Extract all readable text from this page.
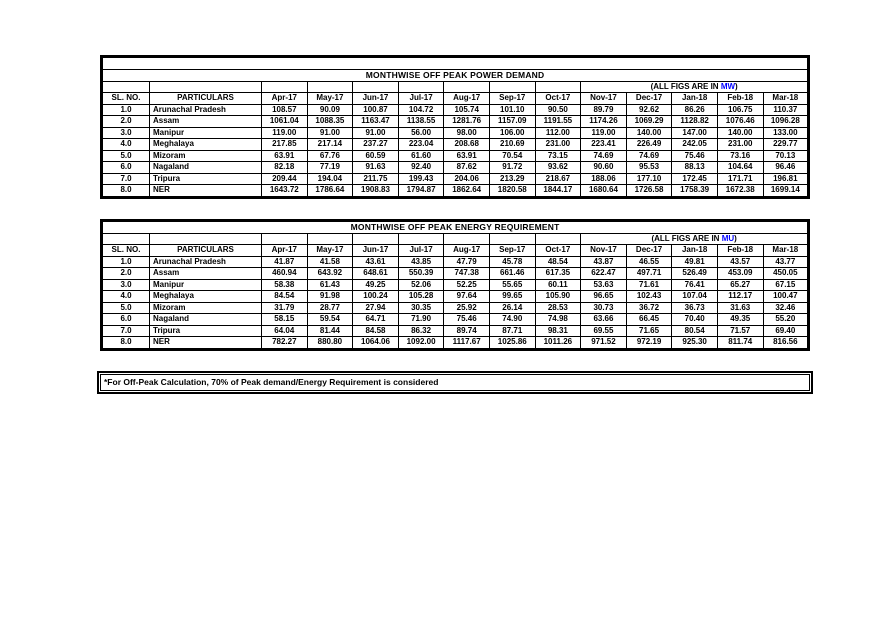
MONTHWISE OFF PEAK POWER DEMAND													
									(ALL FIGS ARE IN MW)				
SL. NO.	PARTICULARS	Apr-17	May-17	Jun-17	Jul-17	Aug-17	Sep-17	Oct-17	Nov-17	Dec-17	Jan-18	Feb-18	Mar-18
1.0	Arunachal Pradesh	108.57	90.09	100.87	104.72	105.74	101.10	90.50	89.79	92.62	86.26	106.75	110.37
2.0	Assam	1061.04	1088.35	1163.47	1138.55	1281.76	1157.09	1191.55	1174.26	1069.29	1128.82	1076.46	1096.28
3.0	Manipur	119.00	91.00	91.00	56.00	98.00	106.00	112.00	119.00	140.00	147.00	140.00	133.00
4.0	Meghalaya	217.85	217.14	237.27	223.04	208.68	210.69	231.00	223.41	226.49	242.05	231.00	229.77
5.0	Mizoram	63.91	67.76	60.59	61.60	63.91	70.54	73.15	74.69	74.69	75.46	73.16	70.13
6.0	Nagaland	82.18	77.19	91.63	92.40	87.62	91.72	93.62	90.60	95.53	88.13	104.64	96.46
7.0	Tripura	209.44	194.04	211.75	199.43	204.06	213.29	218.67	188.06	177.10	172.45	171.71	196.81
8.0	NER	1643.72	1786.64	1908.83	1794.87	1862.64	1820.58	1844.17	1680.64	1726.58	1758.39	1672.38	1699.14
MONTHWISE OFF PEAK ENERGY REQUIREMENT													
									(ALL FIGS ARE IN MU)				
SL. NO.	PARTICULARS	Apr-17	May-17	Jun-17	Jul-17	Aug-17	Sep-17	Oct-17	Nov-17	Dec-17	Jan-18	Feb-18	Mar-18
1.0	Arunachal Pradesh	41.87	41.58	43.61	43.85	47.79	45.78	48.54	43.87	46.55	49.81	43.57	43.77
2.0	Assam	460.94	643.92	648.61	550.39	747.38	661.46	617.35	622.47	497.71	526.49	453.09	450.05
3.0	Manipur	58.38	61.43	49.25	52.06	52.25	55.65	60.11	53.63	71.61	76.41	65.27	67.15
4.0	Meghalaya	84.54	91.98	100.24	105.28	97.64	99.65	105.90	96.65	102.43	107.04	112.17	100.47
5.0	Mizoram	31.79	28.77	27.94	30.35	25.92	26.14	28.53	30.73	36.72	36.73	31.63	32.46
6.0	Nagaland	58.15	59.54	64.71	71.90	75.46	74.90	74.98	63.66	66.45	70.40	49.35	55.20
7.0	Tripura	64.04	81.44	84.58	86.32	89.74	87.71	98.31	69.55	71.65	80.54	71.57	69.40
8.0	NER	782.27	880.80	1064.06	1092.00	1117.67	1025.86	1011.26	971.52	972.19	925.30	811.74	816.56
*For Off-Peak Calculation, 70% of Peak demand/Energy Requirement is considered
